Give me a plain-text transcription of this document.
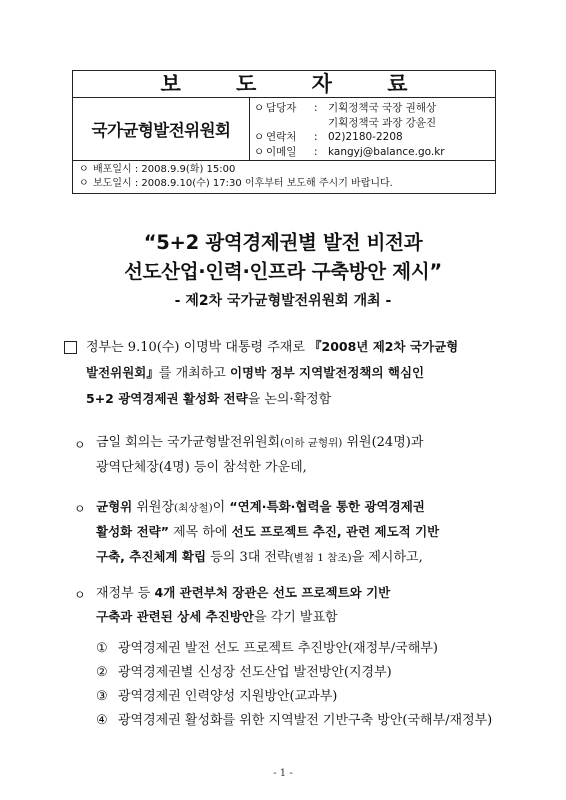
보 도 자 료
국가균형발전위원회
ㅇ 담당자	: 기획정책국 국장 권해상
기획정책국 과장 강윤진
ㅇ 연락처	: 02)2180-2208
ㅇ 이메일	: kangyj@balance.go.kr
ㅇ 배포일시 : 2008.9.9(화) 15:00
ㅇ 보도일시 : 2008.9.10(수) 17:30 이후부터 보도해 주시기 바랍니다.
“5+2 광역경제권별 발전 비전과
선도산업·인력·인프라 구축방안 제시”
- 제2차 국가균형발전위원회 개최 -
정부는 9.10(수) 이명박 대통령 주재로 『2008년 제2차 국가균형
발전위원회』를 개최하고 이명박 정부 지역발전정책의 핵심인
5+2 광역경제권 활성화 전략을 논의·확정함
ㅇ 금일 회의는 국가균형발전위원회(이하 균형위) 위원(24명)과
광역단체장(4명) 등이 참석한 가운데,
ㅇ 균형위 위원장(최상철)이 “연계·특화·협력을 통한 광역경제권
활성화 전략” 제목 하에 선도 프로젝트 추진, 관련 제도적 기반
구축, 추진체계 확립 등의 3대 전략(별첨 1 참조)을 제시하고,
ㅇ 재정부 등 4개 관련부처 장관은 선도 프로젝트와 기반
구축과 관련된 상세 추진방안을 각기 발표함
① 광역경제권 발전 선도 프로젝트 추진방안(재정부/국해부)
② 광역경제권별 신성장 선도산업 발전방안(지경부)
③ 광역경제권 인력양성 지원방안(교과부)
④ 광역경제권 활성화를 위한 지역발전 기반구축 방안(국해부/재정부)
- 1 -
